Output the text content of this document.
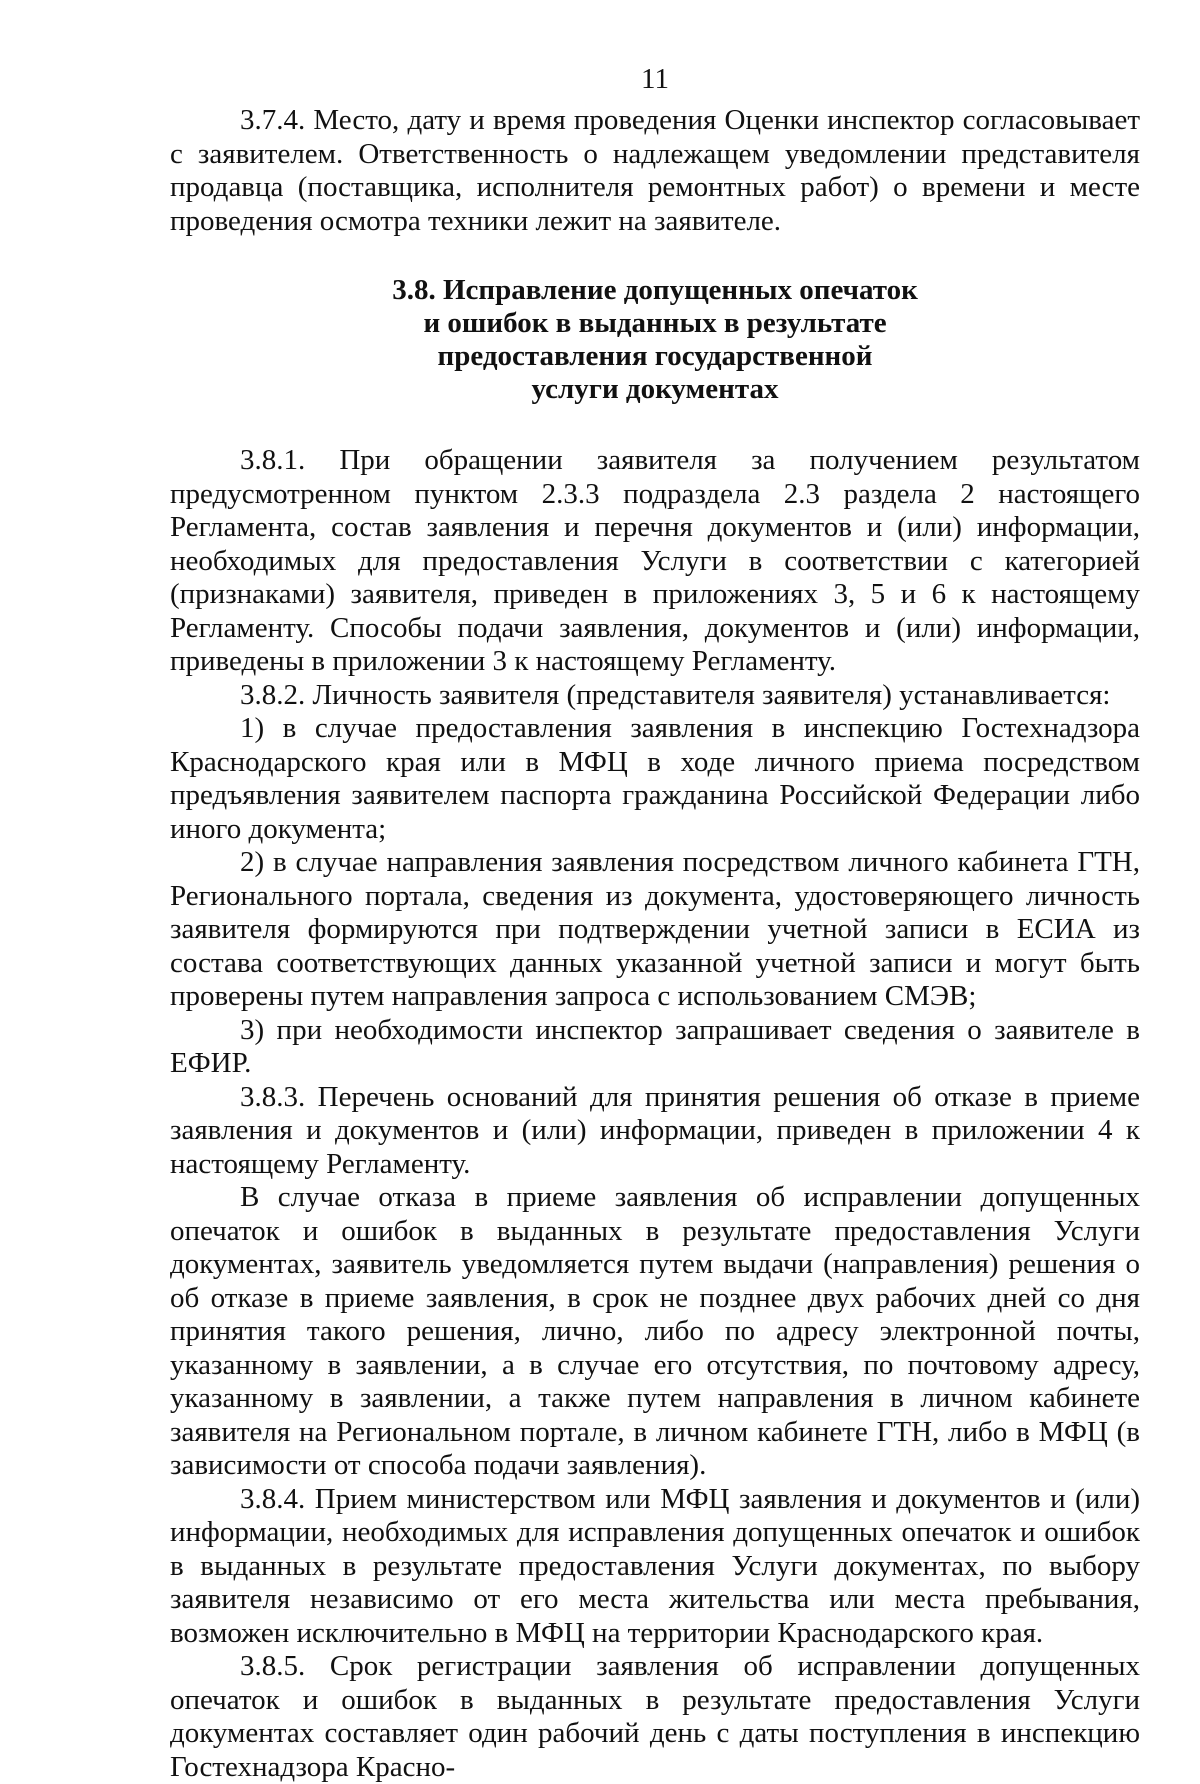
11

3.7.4. Место, дату и время проведения Оценки инспектор согласовывает с заявителем. Ответственность о надлежащем уведомлении представителя продавца (поставщика, исполнителя ремонтных работ) о времени и месте проведения осмотра техники лежит на заявителе.

3.8. Исправление допущенных опечаток
и ошибок в выданных в результате
предоставления государственной
услуги документах

3.8.1. При обращении заявителя за получением результатом предусмотренном пунктом 2.3.3 подраздела 2.3 раздела 2 настоящего Регламента, состав заявления и перечня документов и (или) информации, необходимых для предоставления Услуги в соответствии с категорией (признаками) заявителя, приведен в приложениях 3, 5 и 6 к настоящему Регламенту. Способы подачи заявления, документов и (или) информации, приведены в приложении 3 к настоящему Регламенту.

3.8.2. Личность заявителя (представителя заявителя) устанавливается:

1) в случае предоставления заявления в инспекцию Гостехнадзора Краснодарского края или в МФЦ в ходе личного приема посредством предъявления заявителем паспорта гражданина Российской Федерации либо иного документа;

2) в случае направления заявления посредством личного кабинета ГТН, Регионального портала, сведения из документа, удостоверяющего личность заявителя формируются при подтверждении учетной записи в ЕСИА из состава соответствующих данных указанной учетной записи и могут быть проверены путем направления запроса с использованием СМЭВ;

3) при необходимости инспектор запрашивает сведения о заявителе в ЕФИР.

3.8.3. Перечень оснований для принятия решения об отказе в приеме заявления и документов и (или) информации, приведен в приложении 4 к настоящему Регламенту.

В случае отказа в приеме заявления об исправлении допущенных опечаток и ошибок в выданных в результате предоставления Услуги документах, заявитель уведомляется путем выдачи (направления) решения о об отказе в приеме заявления, в срок не позднее двух рабочих дней со дня принятия такого решения, лично, либо по адресу электронной почты, указанному в заявлении, а в случае его отсутствия, по почтовому адресу, указанному в заявлении, а также путем направления в личном кабинете заявителя на Региональном портале, в личном кабинете ГТН, либо в МФЦ (в зависимости от способа подачи заявления).

3.8.4. Прием министерством или МФЦ заявления и документов и (или) информации, необходимых для исправления допущенных опечаток и ошибок в выданных в результате предоставления Услуги документах, по выбору заявителя независимо от его места жительства или места пребывания, возможен исключительно в МФЦ на территории Краснодарского края.

3.8.5. Срок регистрации заявления об исправлении допущенных опечаток и ошибок в выданных в результате предоставления Услуги документах составляет один рабочий день с даты поступления в инспекцию Гостехнадзора Красно-
